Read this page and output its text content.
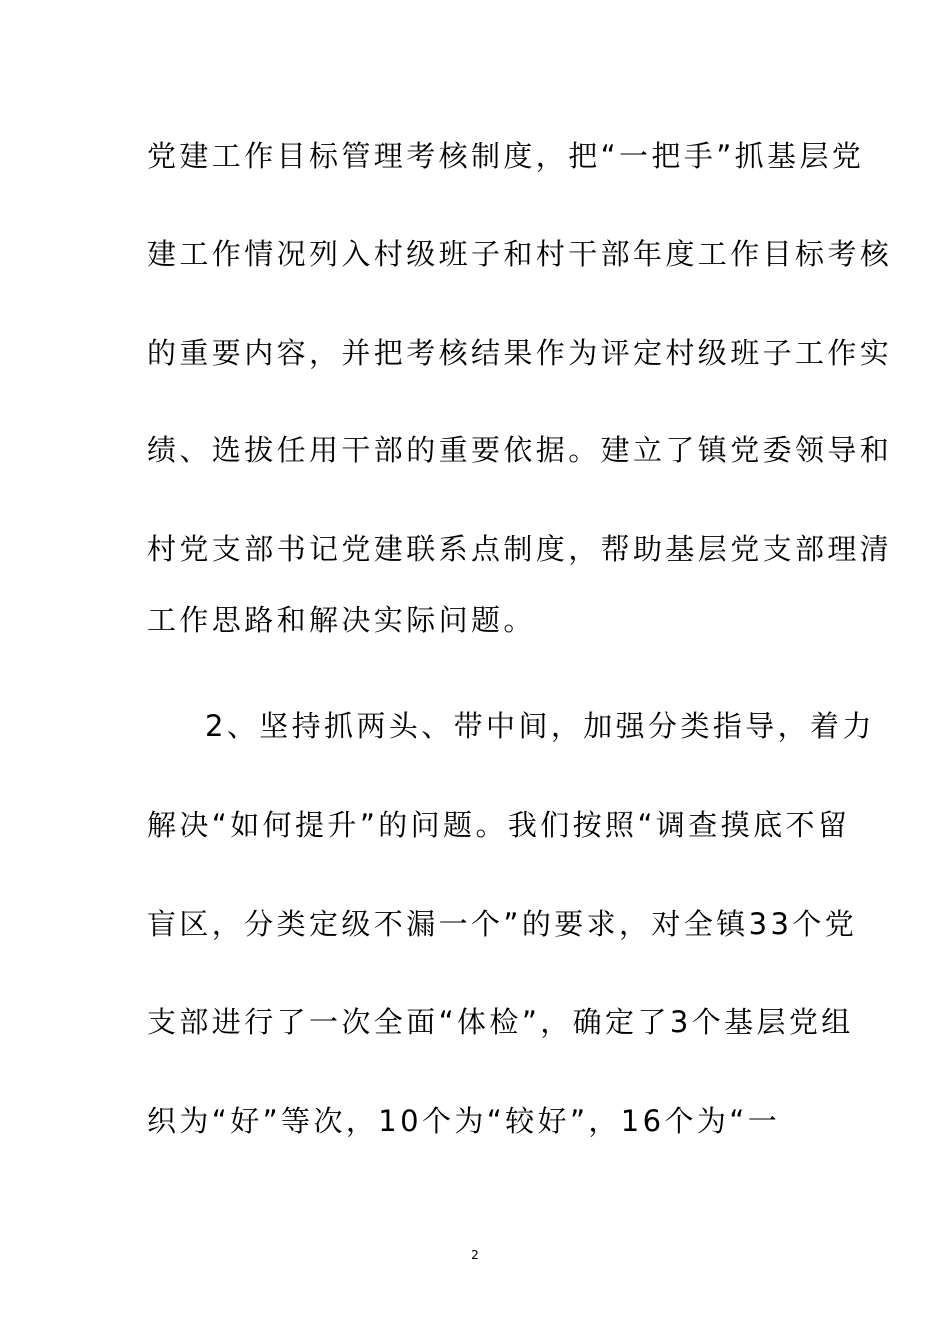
党建工作目标管理考核制度，把“一把手”抓基层党
建工作情况列入村级班子和村干部年度工作目标考核
的重要内容，并把考核结果作为评定村级班子工作实
绩、选拔任用干部的重要依据。建立了镇党委领导和
村党支部书记党建联系点制度，帮助基层党支部理清
工作思路和解决实际问题。
2、坚持抓两头、带中间，加强分类指导，着力
解决“如何提升”的问题。我们按照“调查摸底不留
盲区，分类定级不漏一个”的要求，对全镇33个党
支部进行了一次全面“体检”，确定了3个基层党组
织为“好”等次，10个为“较好”，16个为“一
2
